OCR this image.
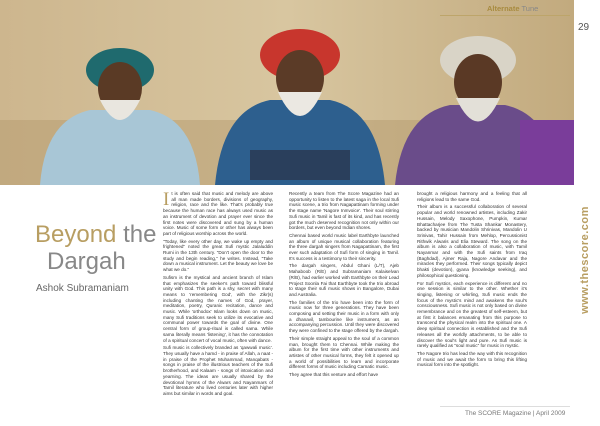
Alternate Tune
29
www.thescore.com
Beyond the
Dargah
Ashok Subramaniam

It is often said that music and melody are above all man made borders, divisions of geography, religion, race and the like. That's probably true because the human race has always used music as an instrument of devotion and prayer ever since the first notes were discovered and sung by a human voice. Music of some form or other has always been part of religious worship across the world.

"Today, like every other day, we wake up empty and frightened" noted the great Sufi mystic Jalaluddin Rumi in the 13th century. "Don't open the door to the study and begin reading," he writes. Instead, "Take down a musical instrument. Let the beauty we love be what we do."

Sufism is the mystical and ancient branch of Islam that emphasizes the seeker's path toward blissful unity with God. This path is a shy, secret with many means to 'remembering God', with the Zikr(s) including chanting the names of God, prayer, meditation, poetry, Quranic recitation, dance and music. While 'orthodox' Islam looks down on music, many Sufi traditions seek to utilize its evocative and communal power towards the goal of divine. One central form of group-ritual is called sama. While sama literally means 'listening', it has the connotation of a spiritual concert of vocal music, often with dance.

Sufi music is collectively branded as 'qawwali music'. They usually have a hamd - in praise of Allah, a naat - in praise of the Prophet Muhammad, Manqabats - songs in praise of the illustrious teachers of the Sufi brotherhood, and Kalaam - songs of intoxication and yearning. The ideas are usually shared by the devotional hymns of the Alwars and Nayanmars of Tamil literature who lived centuries later with higher aims but similar in words and goal.

Recently a team from The Score Magazine had an opportunity to listen to the latest saga in the local Sufi music scene, a trio from Nagapattinam forming under the stage name 'Nagore Inmvoice'. Their soul stirring Sufi music in Tamil is fast of its kind, and has recently got the much deserved recognition not only within our borders, but even beyond Indian shores.

Chennai based world music label Earthbyte launched an album of unique musical collaboration featuring the three dargah singers from Nagapattinam, the first ever such adaptation of Sufi form of singing in Tamil. It's success is a testimony to their sincerity.

The dargah singers, Abdul Ghani (L/T), Ajeb Mahaboob (R/E) and Subramaniam Kalaiselvan (R/B), had earlier worked with Earthbyte on their Lead Project Soonla Fai that Earthbyte took the trio abroad to stage their sufi music shows in Bangalore, Dubai and Australia.

The families of the trio have been into the form of music now for three generations. They have been composing and setting their music in a form with only a dhanavil, tambourine like instrument, as an accompanying percussion. Until they were discovered they were confined to the stage offered by the dargah.

Their simple straight appeal to the soul of a common man, brought them to Chennai. While making the album for the first time with other instruments and artistes of other musical forms, they felt it opened up a world of possibilities to learn and incorporate different forms of music including Carnatic music.

They agree that this venture and effort have

brought a religious harmony and a feeling that all religions lead to the same God.

Their album is a successful collaboration of several popular and world renowned artistes, including Zakir Hussain, Melody Saxophone, Pumpkin, Kumar Bhattacharjee from The Tusta Shankar Monastery, backed by musician Mandolin Shrinivas, Mandolin U Srinivas, Tahir Hussain from Mehlop, Percussionist Rithwik Alwaris and Elia Steward. The song on the album is also a collaboration of music, with Tamil Nayanmar and with the Sufi saints from Iraq (Baghdad), Ajmer Raja, Nagore Andavar and the miracles they performed. Their songs typically depict bhakti (devotion), gyana (knowledge seeking), and philosophical questioning.

For Sufi mystics, each experience is different and no one session is similar to the other. Whether it's singing, listening or whirling, Sufi music ends the focus of the mystic's mind and awakens the soul's consciousness. Sufi music is not only based on divine remembrance and on the greatest of self-esteem, but at first it balances emanating from this purpose to transcend the physical realm into the spiritual one. A deep spiritual connection is established and the Sufi releases all the worldly attachments, to be able to discover the soul's light and pure. As Sufi music is rarely qualified as "soul music" for music in mystic.

The Nagore trio has lead the way with this recognition of music and we await the form to bring this lifting musical form into the spotlight.

The SCORE Magazine | April 2009
